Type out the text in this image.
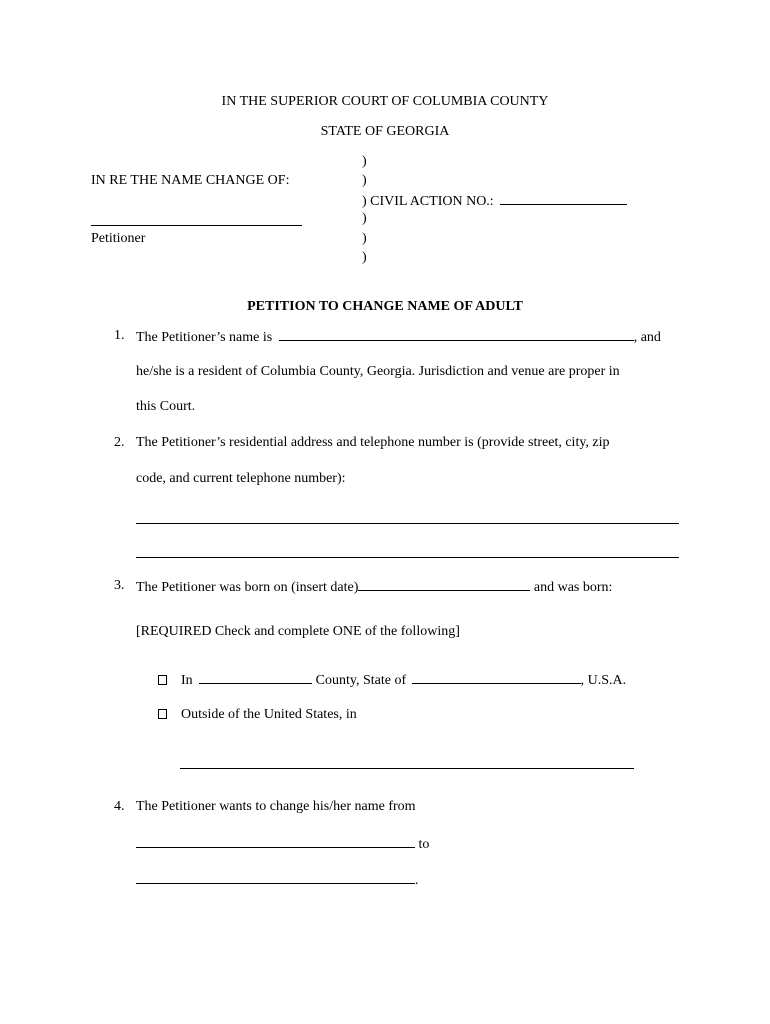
IN THE SUPERIOR COURT OF COLUMBIA COUNTY
STATE OF GEORGIA
IN RE THE NAME CHANGE OF:
Petitioner
)
)
) CIVIL ACTION NO.:
)
)
)
PETITION TO CHANGE NAME OF ADULT
1. The Petitioner’s name is	, and
he/she is a resident of Columbia County, Georgia. Jurisdiction and venue are proper in
this Court.
2. The Petitioner’s residential address and telephone number is (provide street, city, zip
code, and current telephone number):
3. The Petitioner was born on (insert date)	and was born:
[REQUIRED Check and complete ONE of the following]
In	County, State of	, U.S.A.
Outside of the United States, in
4. The Petitioner wants to change his/her name from
to
.
